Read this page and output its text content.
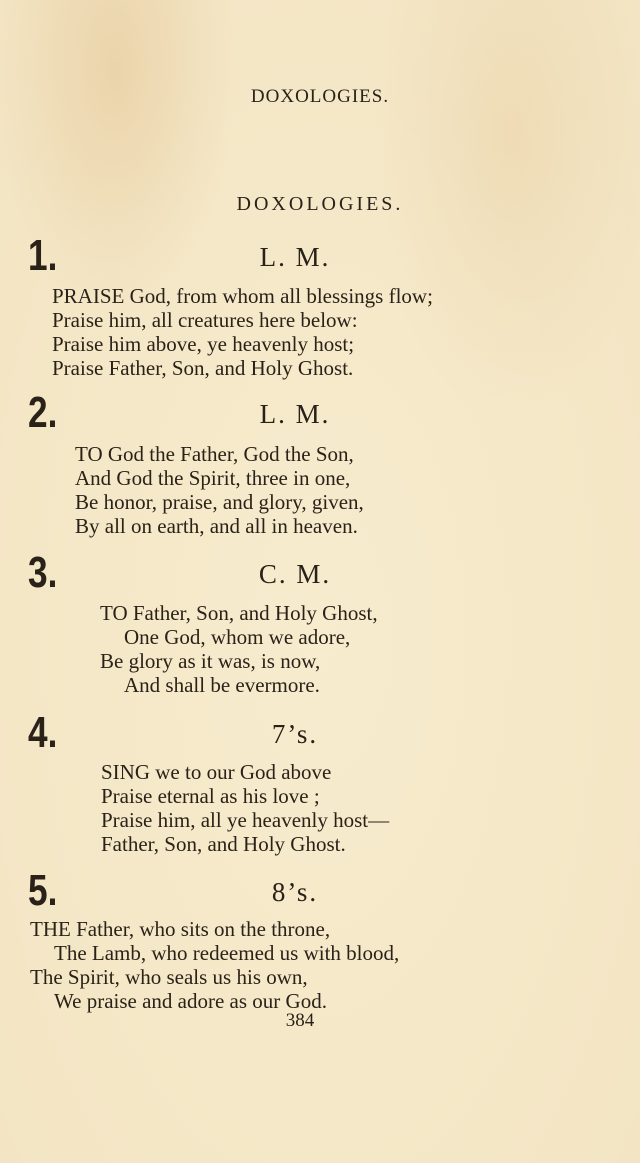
DOXOLOGIES.
DOXOLOGIES.
1.	L. M.
PRAISE God, from whom all blessings flow;
Praise him, all creatures here below:
Praise him above, ye heavenly host;
Praise Father, Son, and Holy Ghost.
2.	L. M.
TO God the Father, God the Son,
And God the Spirit, three in one,
Be honor, praise, and glory, given,
By all on earth, and all in heaven.
3.	C. M.
TO Father, Son, and Holy Ghost,
One God, whom we adore,
Be glory as it was, is now,
And shall be evermore.
4.	7’s.
SING we to our God above
Praise eternal as his love ;
Praise him, all ye heavenly host—
Father, Son, and Holy Ghost.
5.	8’s.
THE Father, who sits on the throne,
The Lamb, who redeemed us with blood,
The Spirit, who seals us his own,
We praise and adore as our God.
384
